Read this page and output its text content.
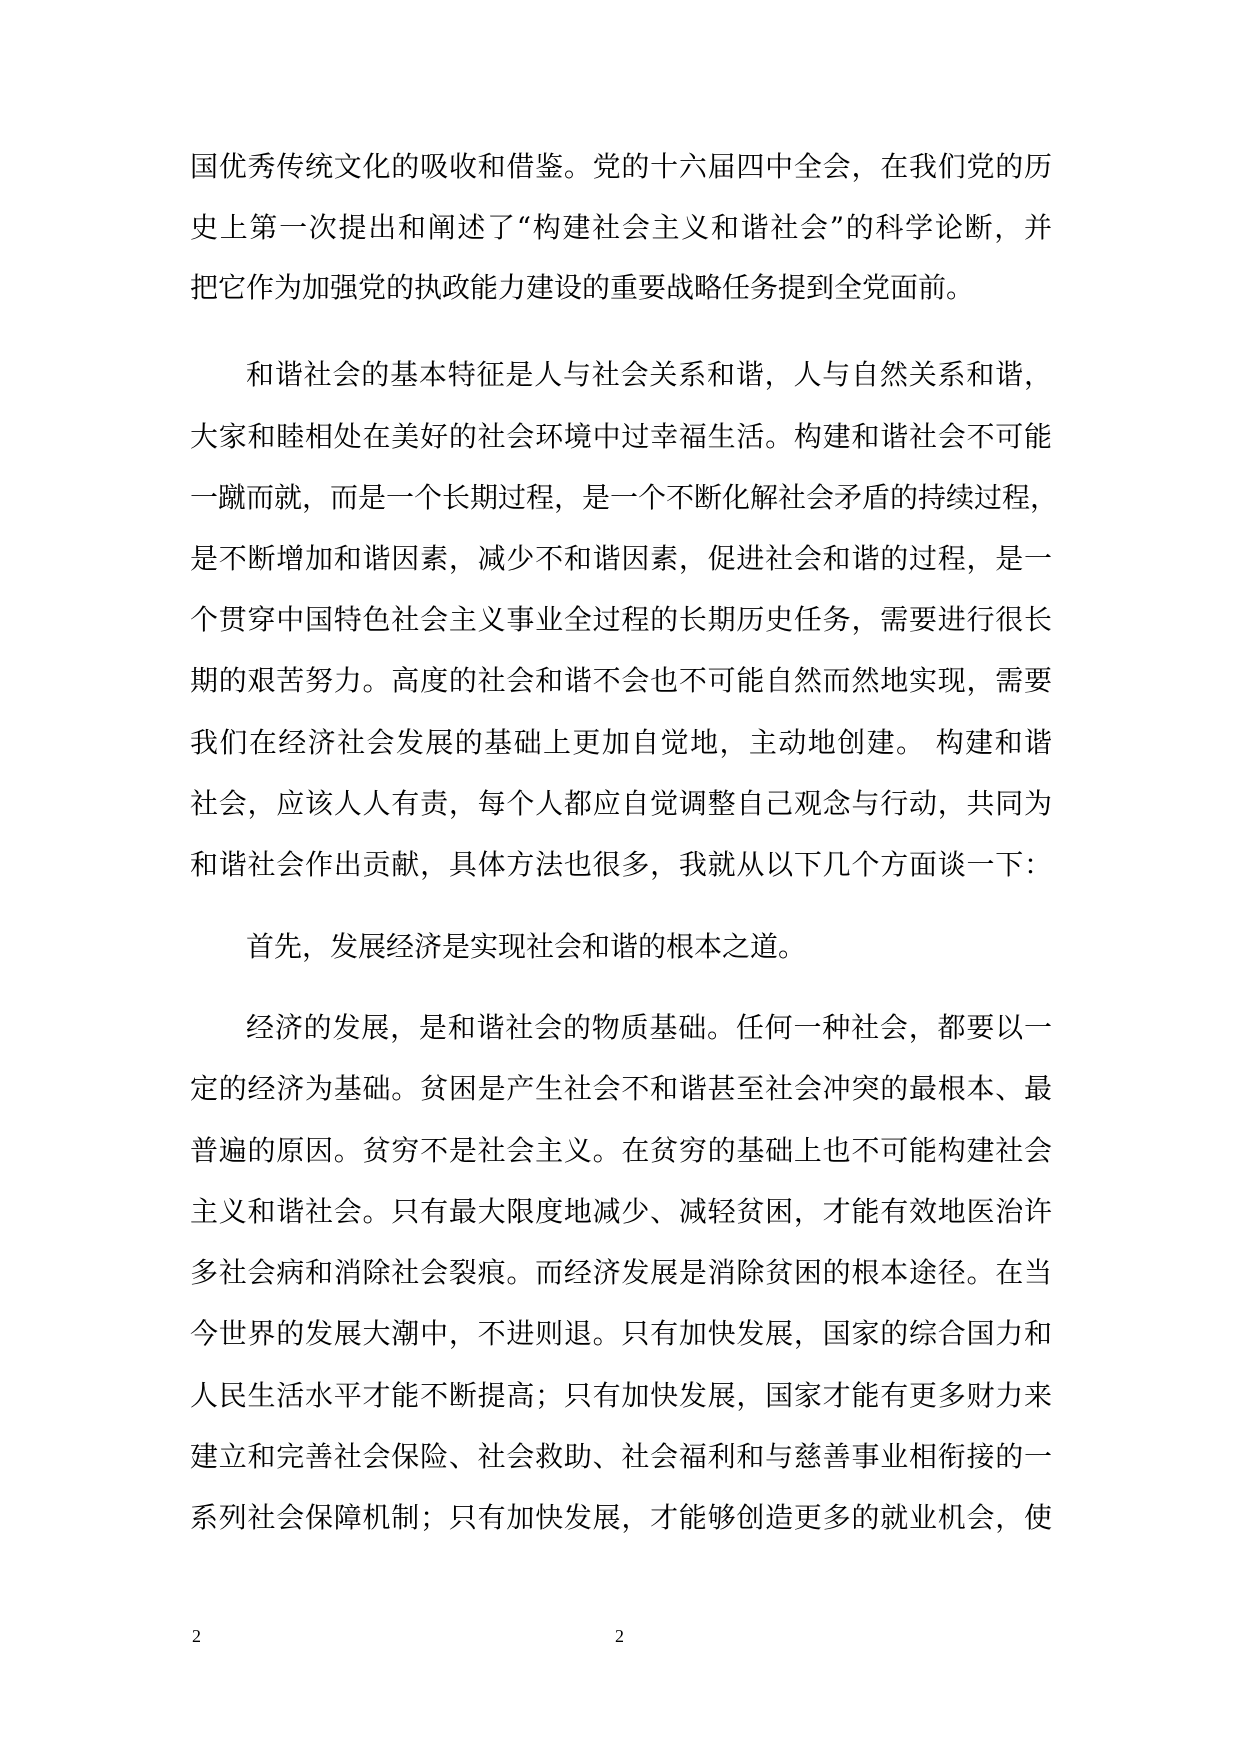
国优秀传统文化的吸收和借鉴。党的十六届四中全会，在我们党的历
史上第一次提出和阐述了“构建社会主义和谐社会”的科学论断，并
把它作为加强党的执政能力建设的重要战略任务提到全党面前。
和谐社会的基本特征是人与社会关系和谐，人与自然关系和谐，
大家和睦相处在美好的社会环境中过幸福生活。构建和谐社会不可能
一蹴而就，而是一个长期过程，是一个不断化解社会矛盾的持续过程，
是不断增加和谐因素，减少不和谐因素，促进社会和谐的过程，是一
个贯穿中国特色社会主义事业全过程的长期历史任务，需要进行很长
期的艰苦努力。高度的社会和谐不会也不可能自然而然地实现，需要
我们在经济社会发展的基础上更加自觉地，主动地创建。 构建和谐
社会，应该人人有责，每个人都应自觉调整自己观念与行动，共同为
和谐社会作出贡献，具体方法也很多，我就从以下几个方面谈一下：
首先，发展经济是实现社会和谐的根本之道。
经济的发展，是和谐社会的物质基础。任何一种社会，都要以一
定的经济为基础。贫困是产生社会不和谐甚至社会冲突的最根本、最
普遍的原因。贫穷不是社会主义。在贫穷的基础上也不可能构建社会
主义和谐社会。只有最大限度地减少、减轻贫困，才能有效地医治许
多社会病和消除社会裂痕。而经济发展是消除贫困的根本途径。在当
今世界的发展大潮中，不进则退。只有加快发展，国家的综合国力和
人民生活水平才能不断提高；只有加快发展，国家才能有更多财力来
建立和完善社会保险、社会救助、社会福利和与慈善事业相衔接的一
系列社会保障机制；只有加快发展，才能够创造更多的就业机会，使
2	2
